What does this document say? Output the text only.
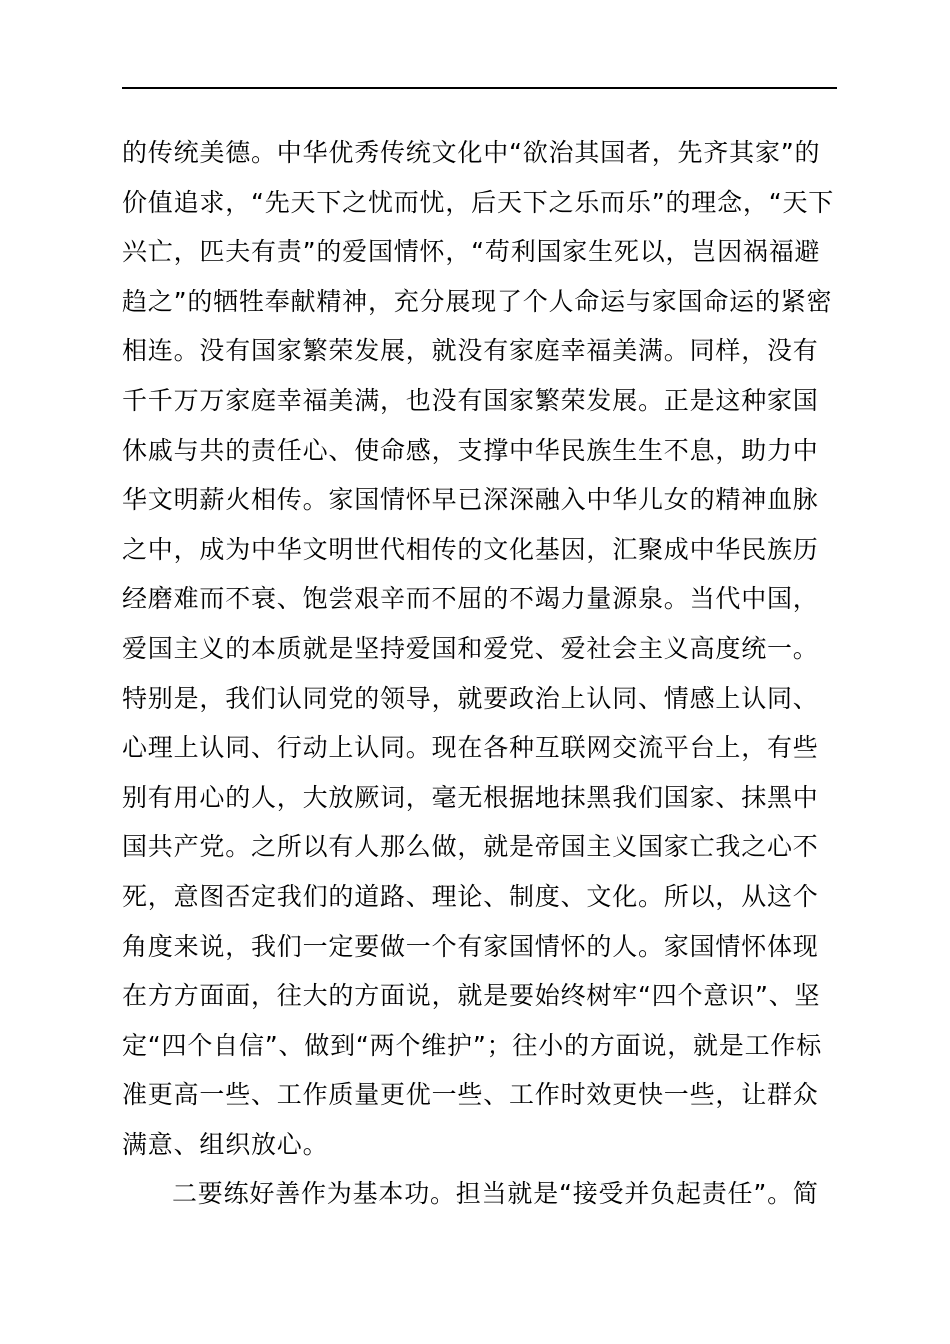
的传统美德。中华优秀传统文化中“欲治其国者，先齐其家”的
价值追求，“先天下之忧而忧，后天下之乐而乐”的理念，“天下
兴亡，匹夫有责”的爱国情怀，“苟利国家生死以，岂因祸福避
趋之”的牺牲奉献精神，充分展现了个人命运与家国命运的紧密
相连。没有国家繁荣发展，就没有家庭幸福美满。同样，没有
千千万万家庭幸福美满，也没有国家繁荣发展。正是这种家国
休戚与共的责任心、使命感，支撑中华民族生生不息，助力中
华文明薪火相传。家国情怀早已深深融入中华儿女的精神血脉
之中，成为中华文明世代相传的文化基因，汇聚成中华民族历
经磨难而不衰、饱尝艰辛而不屈的不竭力量源泉。当代中国，
爱国主义的本质就是坚持爱国和爱党、爱社会主义高度统一。
特别是，我们认同党的领导，就要政治上认同、情感上认同、
心理上认同、行动上认同。现在各种互联网交流平台上，有些
别有用心的人，大放厥词，毫无根据地抹黑我们国家、抹黑中
国共产党。之所以有人那么做，就是帝国主义国家亡我之心不
死，意图否定我们的道路、理论、制度、文化。所以，从这个
角度来说，我们一定要做一个有家国情怀的人。家国情怀体现
在方方面面，往大的方面说，就是要始终树牢“四个意识”、坚
定“四个自信”、做到“两个维护”；往小的方面说，就是工作标
准更高一些、工作质量更优一些、工作时效更快一些，让群众
满意、组织放心。
二要练好善作为基本功。担当就是“接受并负起责任”。简
